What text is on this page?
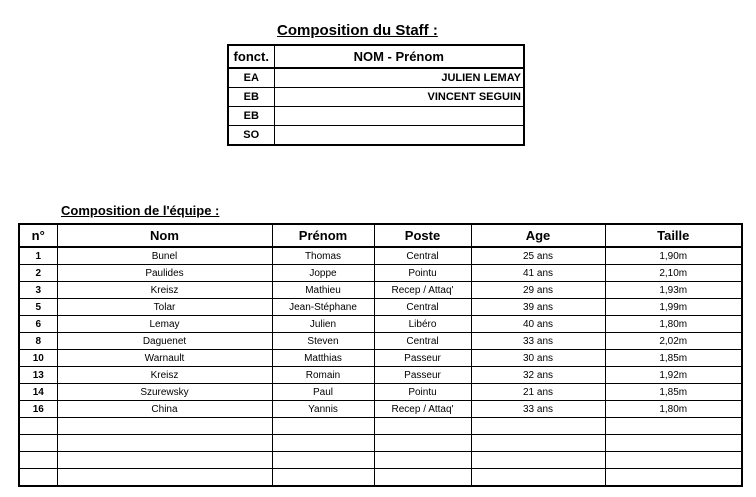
Composition du Staff :
fonct.	NOM - Prénom
EA	JULIEN LEMAY
EB	VINCENT SEGUIN
EB	
SO	
Composition de l'équipe :
n°	Nom	Prénom	Poste	Age	Taille
1	Bunel	Thomas	Central	25 ans	1,90m
2	Paulides	Joppe	Pointu	41 ans	2,10m
3	Kreisz	Mathieu	Recep / Attaq'	29 ans	1,93m
5	Tolar	Jean-Stéphane	Central	39 ans	1,99m
6	Lemay	Julien	Libéro	40 ans	1,80m
8	Daguenet	Steven	Central	33 ans	2,02m
10	Warnault	Matthias	Passeur	30 ans	1,85m
13	Kreisz	Romain	Passeur	32 ans	1,92m
14	Szurewsky	Paul	Pointu	21 ans	1,85m
16	China	Yannis	Recep / Attaq'	33 ans	1,80m
